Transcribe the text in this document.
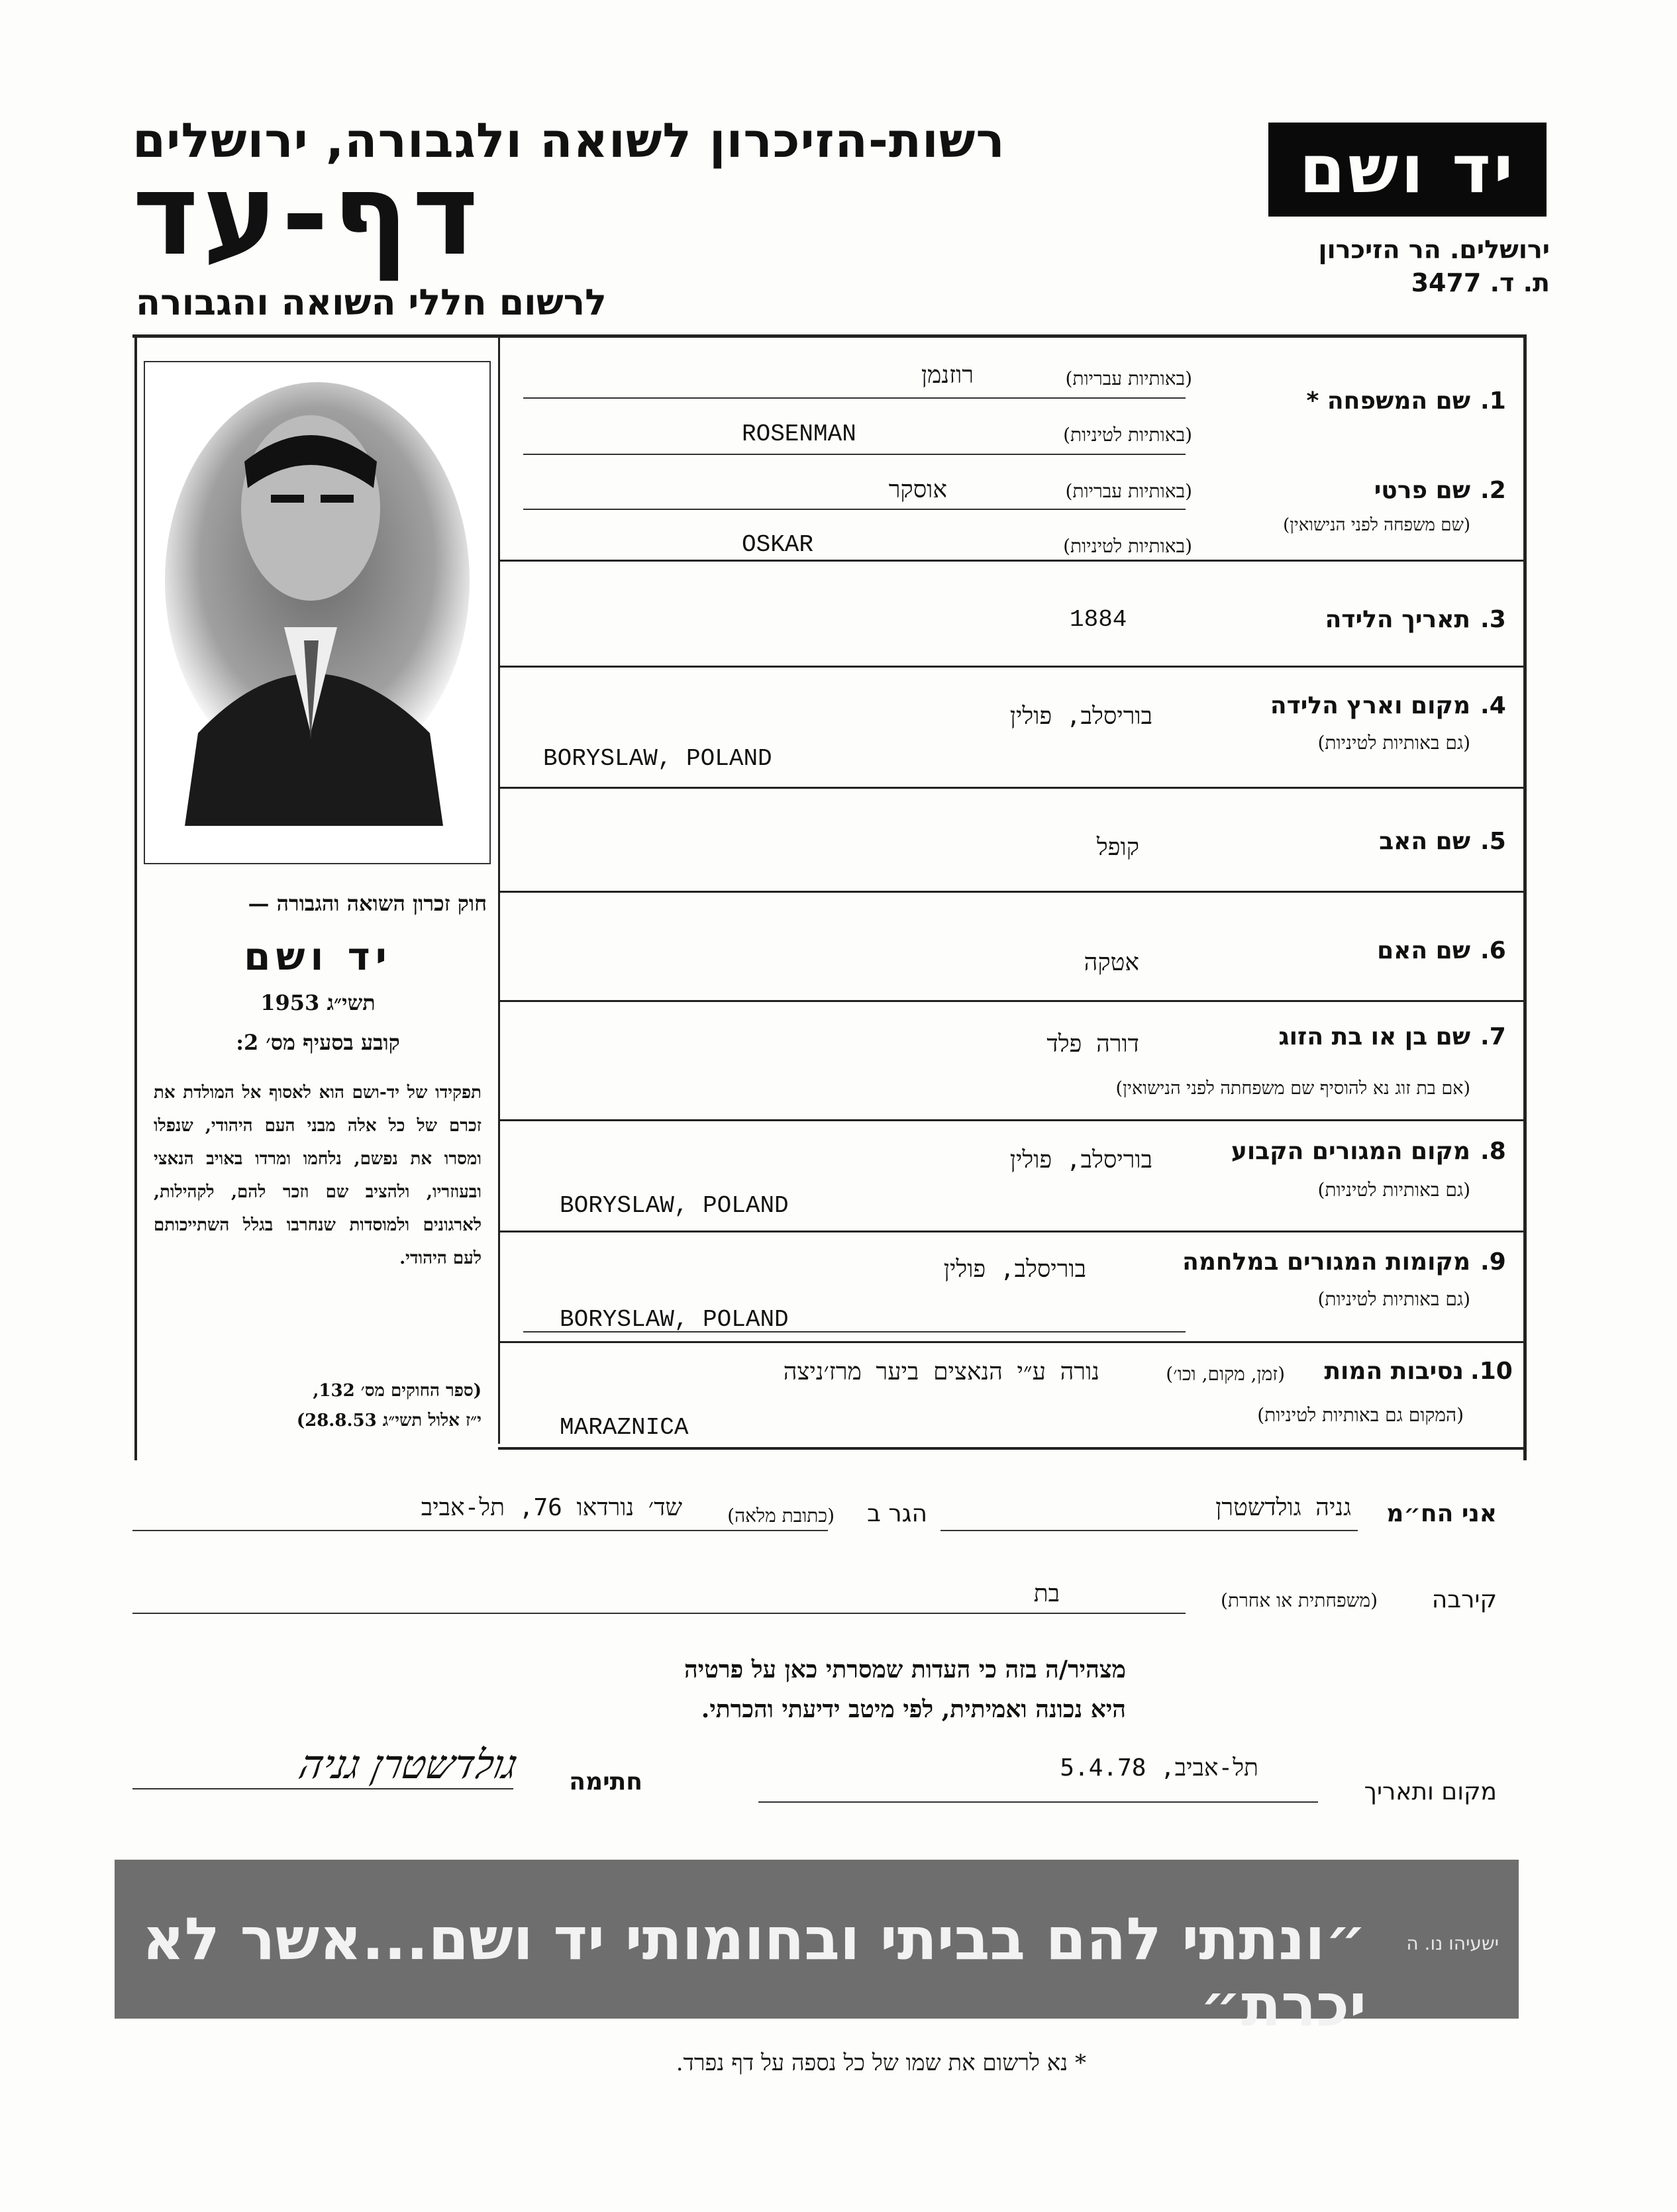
רשות-הזיכרון לשואה ולגבורה, ירושלים
דף-עד
לרשום חללי השואה והגבורה
יד ושם
ירושלים. הר הזיכרון
ת. ד. 3477
חוק זכרון השואה והגבורה —
יד ושם
תשי״ג 1953
קובע בסעיף מס׳ 2:
תפקידו של יד-ושם הוא לאסוף אל המולדת את זכרם של כל אלה מבני העם היהודי, שנפלו ומסרו את נפשם, נלחמו ומרדו באויב הנאצי ובעוזריו, ולהציב שם וזכר להם, לקהילות, לארגונים ולמוסדות שנחרבו בגלל השתייכותם לעם היהודי.
(ספר החוקים מס׳ 132,
י״ז אלול תשי״ג 28.8.53)
1.
שם המשפחה *
(באותיות עבריות)
רוזנמן
(באותיות לטיניות)
ROSENMAN
2.
שם פרטי
(שם משפחה לפני הנישואין)
(באותיות עבריות)
אוסקר
(באותיות לטיניות)
OSKAR
3.
תאריך הלידה
1884
4.
מקום וארץ הלידה
(גם באותיות לטיניות)
בוריסלב, פולין
BORYSLAW, POLAND
5.
שם האב
קופל
6.
שם האם
אטקה
7.
שם בן או בת הזוג
דורה פלד
(אם בת זוג נא להוסיף שם משפחתה לפני הנישואין)
8.
מקום המגורים הקבוע
(גם באותיות לטיניות)
בוריסלב, פולין
BORYSLAW, POLAND
9.
מקומות המגורים במלחמה
(גם באותיות לטיניות)
בוריסלב, פולין
BORYSLAW, POLAND
10.
נסיבות המות
(זמן, מקום, וכו׳)
(המקום גם באותיות לטיניות)
נורה ע״י הנאצים ביער מרז׳ניצה
MARAZNICA
אני הח״מ
גניה גולדשטרן
הגר ב
(כתובת מלאה)
שד׳ נורדאו 76, תל-אביב
קירבה
(משפחתית או אחרת)
בת
מצהיר/ה בזה כי העדות שמסרתי כאן על פרטיה
היא נכונה ואמיתית, לפי מיטב ידיעתי והכרתי.
מקום ותאריך
תל-אביב, 5.4.78
חתימה
גולדשטרן גניה
״ונתתי להם בביתי ובחומותי יד ושם...אשר לא יכרת״
ישעיהו נו. ה
* נא לרשום את שמו של כל נספה על דף נפרד.
